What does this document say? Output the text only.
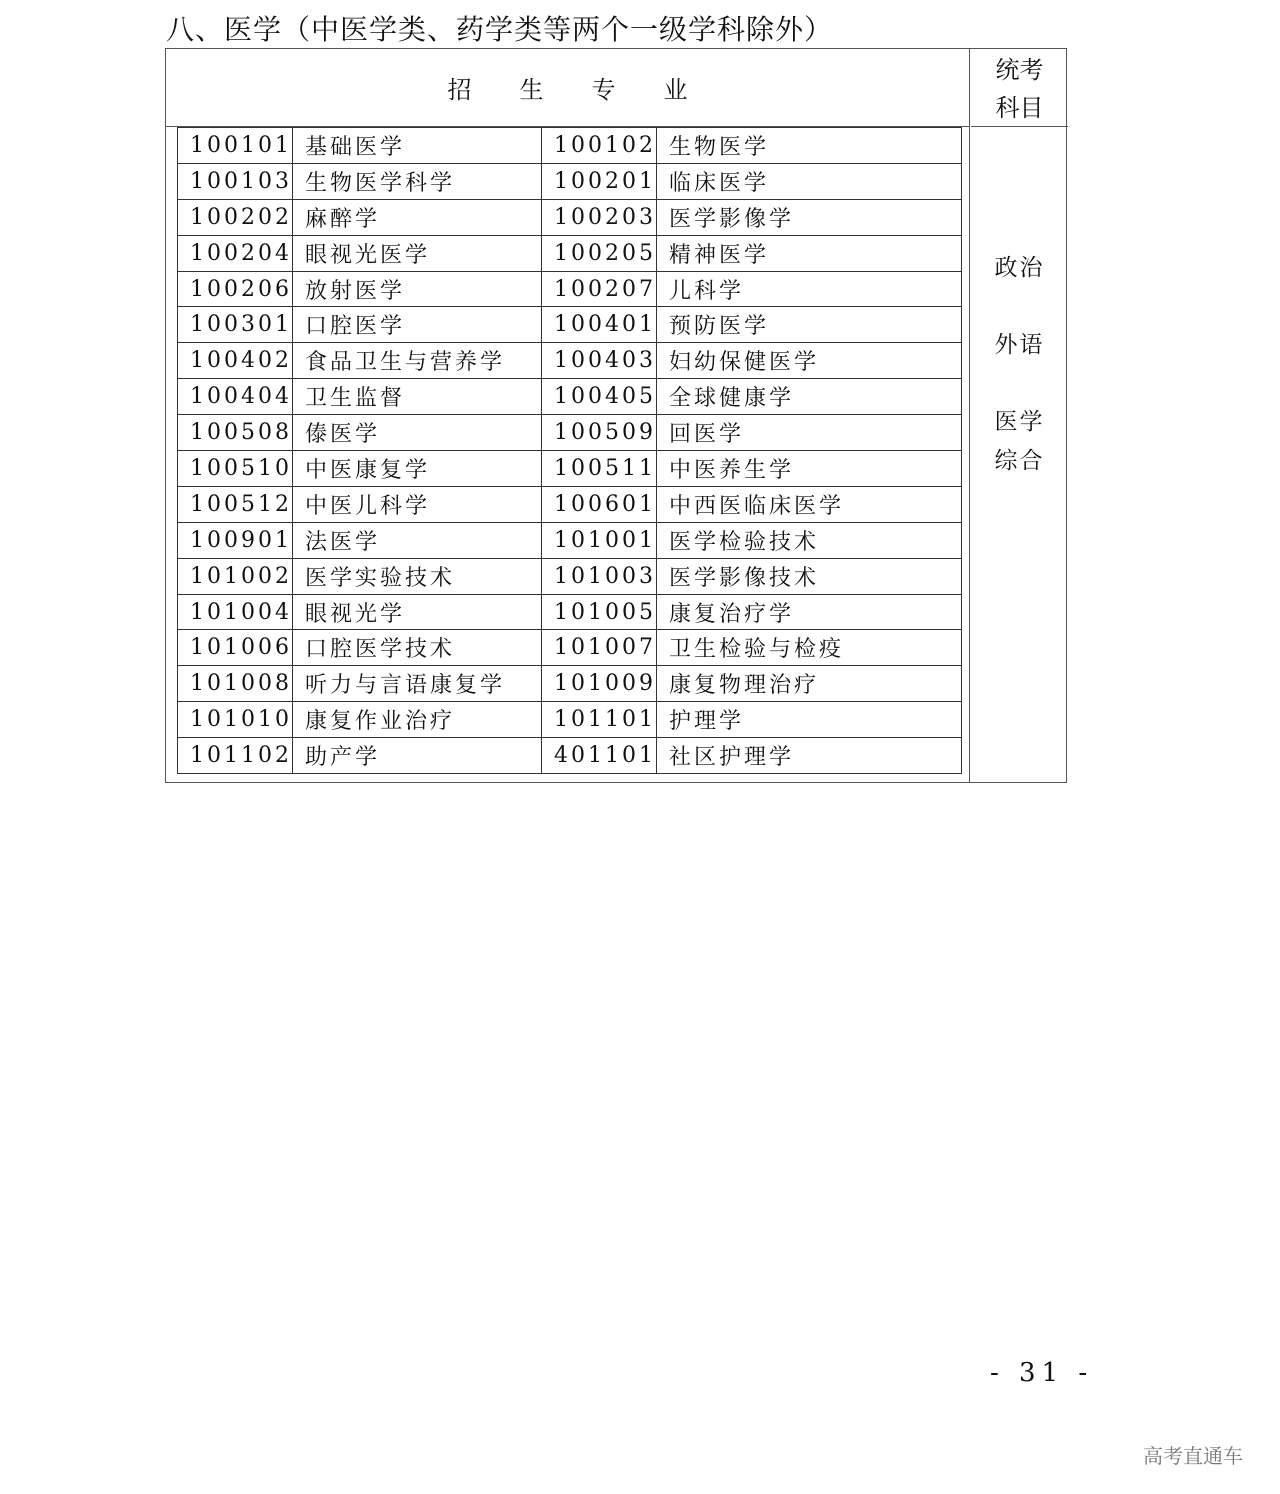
八、医学（中医学类、药学类等两个一级学科除外）
招生专业
统考
科目
政治
外语
医学
综合
100101	基础医学	100102	生物医学
100103	生物医学科学	100201	临床医学
100202	麻醉学	100203	医学影像学
100204	眼视光医学	100205	精神医学
100206	放射医学	100207	儿科学
100301	口腔医学	100401	预防医学
100402	食品卫生与营养学	100403	妇幼保健医学
100404	卫生监督	100405	全球健康学
100508	傣医学	100509	回医学
100510	中医康复学	100511	中医养生学
100512	中医儿科学	100601	中西医临床医学
100901	法医学	101001	医学检验技术
101002	医学实验技术	101003	医学影像技术
101004	眼视光学	101005	康复治疗学
101006	口腔医学技术	101007	卫生检验与检疫
101008	听力与言语康复学	101009	康复物理治疗
101010	康复作业治疗	101101	护理学
101102	助产学	401101	社区护理学
- 31 -
高考直通车
